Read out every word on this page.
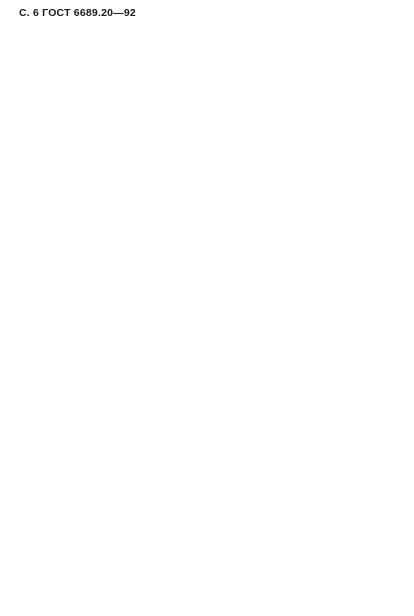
С. 6 ГОСТ 6689.20—92
